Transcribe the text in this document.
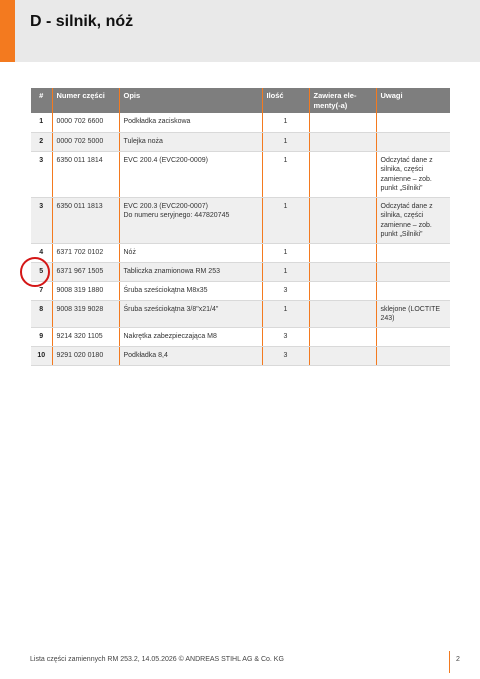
D - silnik, nóż
#	Numer części	Opis	Ilość	Zawiera ele-menty(-a)	Uwagi
1	0000 702 6600	Podkładka zaciskowa	1		
2	0000 702 5000	Tulejka noża	1		
3	6350 011 1814	EVC 200.4 (EVC200-0009)	1		Odczytać dane z silnika, części zamienne – zob. punkt „Silniki”
3	6350 011 1813	EVC 200.3 (EVC200-0007)
Do numeru seryjnego: 447820745	1		Odczytać dane z silnika, części zamienne – zob. punkt „Silniki”
4	6371 702 0102	Nóż	1		
5	6371 967 1505	Tabliczka znamionowa RM 253	1		
7	9008 319 1880	Śruba sześciokątna M8x35	3		
8	9008 319 9028	Śruba sześciokątna 3/8"x21/4"	1		sklejone (LOCTITE 243)
9	9214 320 1105	Nakrętka zabezpieczająca M8	3		
10	9291 020 0180	Podkładka 8,4	3		
Lista części zamiennych RM 253.2, 14.05.2026 © ANDREAS STIHL AG & Co. KG	2
